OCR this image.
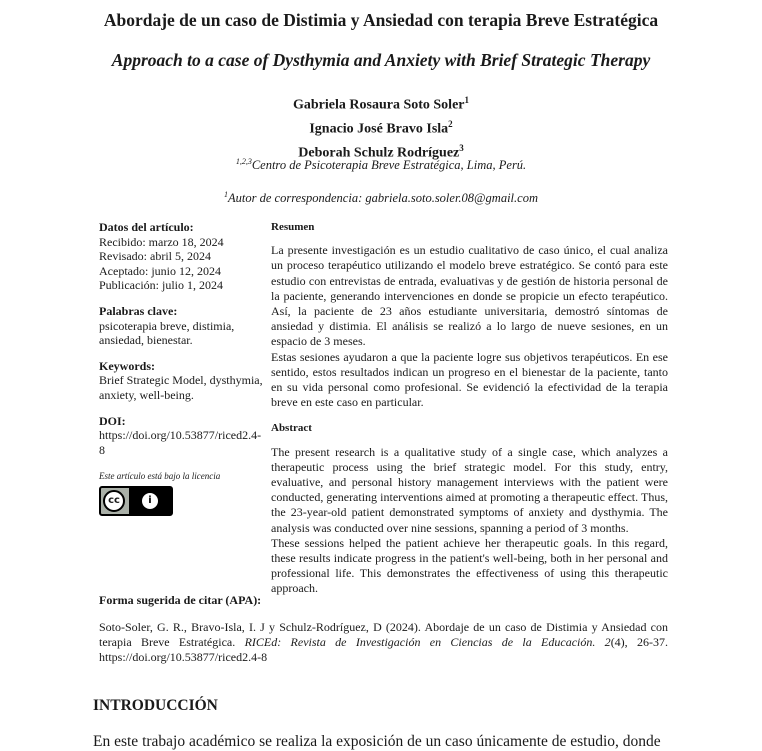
Abordaje de un caso de Distimia y Ansiedad con terapia Breve Estratégica
Approach to a case of Dysthymia and Anxiety with Brief Strategic Therapy
Gabriela Rosaura Soto Soler$^1$
Ignacio José Bravo Isla$^2$
Deborah Schulz Rodríguez$^3$
$^{1,2,3}$Centro de Psicoterapia Breve Estratégica, Lima, Perú.
$^1$Autor de correspondencia: gabriela.soto.soler.08@gmail.com
Datos del artículo:
Recibido: marzo 18, 2024
Revisado: abril 5, 2024
Aceptado: junio 12, 2024
Publicación: julio 1, 2024
Palabras clave:
psicoterapia breve, distimia, ansiedad, bienestar.
Keywords:
Brief Strategic Model, dysthymia, anxiety, well-being.
DOI:
https://doi.org/10.53877/riced2.4-8
Este artículo está bajo la licencia
cc	i
Resumen

La presente investigación es un estudio cualitativo de caso único, el cual analiza un proceso terapéutico utilizando el modelo breve estratégico. Se contó para este estudio con entrevistas de entrada, evaluativas y de gestión de historia personal de la paciente, generando intervenciones en donde se propicie un efecto terapéutico. Así, la paciente de 23 años estudiante universitaria, demostró síntomas de ansiedad y distimia. El análisis se realizó a lo largo de nueve sesiones, en un espacio de 3 meses.

Estas sesiones ayudaron a que la paciente logre sus objetivos terapéuticos. En ese sentido, estos resultados indican un progreso en el bienestar de la paciente, tanto en su vida personal como profesional. Se evidenció la efectividad de la terapia breve en este caso en particular.

Abstract

The present research is a qualitative study of a single case, which analyzes a therapeutic process using the brief strategic model. For this study, entry, evaluative, and personal history management interviews with the patient were conducted, generating interventions aimed at promoting a therapeutic effect. Thus, the 23-year-old patient demonstrated symptoms of anxiety and dysthymia. The analysis was conducted over nine sessions, spanning a period of 3 months.

These sessions helped the patient achieve her therapeutic goals. In this regard, these results indicate progress in the patient's well-being, both in her personal and professional life. This demonstrates the effectiveness of using this therapeutic approach.

Forma sugerida de citar (APA):
Soto-Soler, G. R., Bravo-Isla, I. J y Schulz-Rodríguez, D (2024). Abordaje de un caso de Distimia y Ansiedad con terapia Breve Estratégica. RICEd: Revista de Investigación en Ciencias de la Educación. 2(4), 26-37. https://doi.org/10.53877/riced2.4-8
INTRODUCCIÓN
En este trabajo académico se realiza la exposición de un caso únicamente de estudio, donde
